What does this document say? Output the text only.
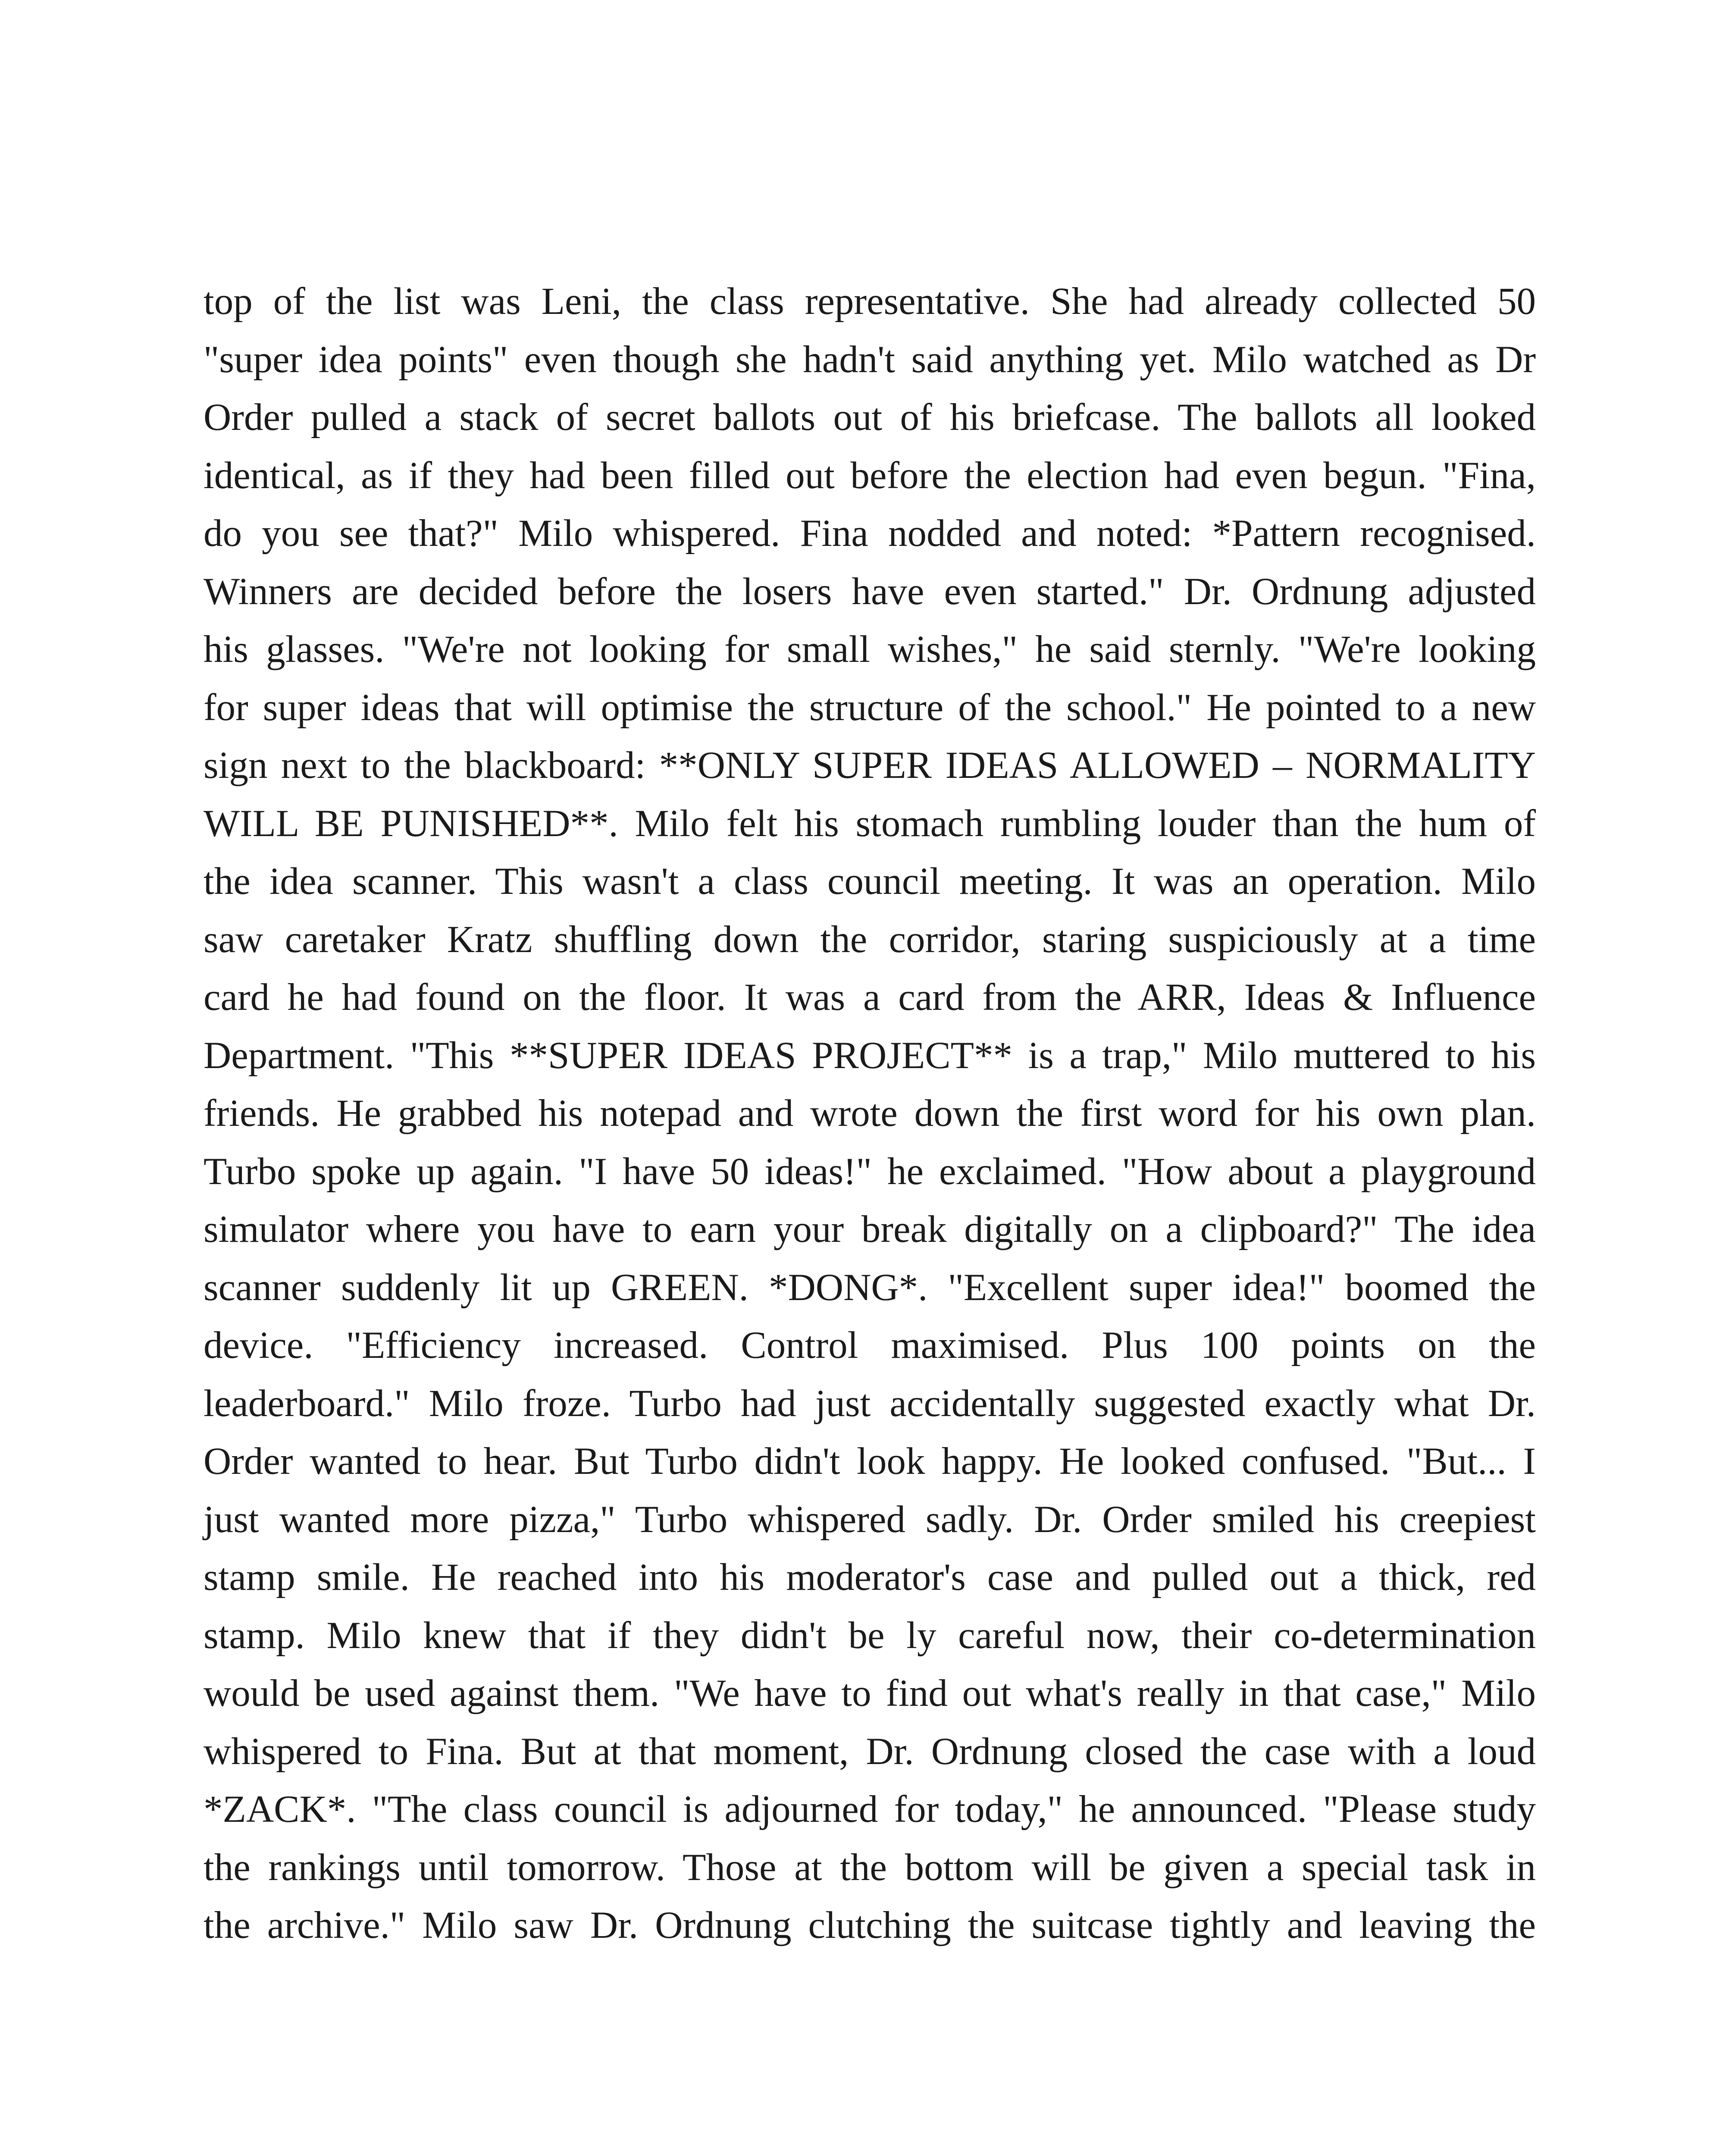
top of the list was Leni, the class representative. She had already collected 50
"super idea points" even though she hadn't said anything yet. Milo watched as Dr
Order pulled a stack of secret ballots out of his briefcase. The ballots all looked
identical, as if they had been filled out before the election had even begun. "Fina,
do you see that?" Milo whispered. Fina nodded and noted: *Pattern recognised.
Winners are decided before the losers have even started." Dr. Ordnung adjusted
his glasses. "We're not looking for small wishes," he said sternly. "We're looking
for super ideas that will optimise the structure of the school." He pointed to a new
sign next to the blackboard: **ONLY SUPER IDEAS ALLOWED – NORMALITY
WILL BE PUNISHED**. Milo felt his stomach rumbling louder than the hum of
the idea scanner. This wasn't a class council meeting. It was an operation. Milo
saw caretaker Kratz shuffling down the corridor, staring suspiciously at a time
card he had found on the floor. It was a card from the ARR, Ideas & Influence
Department. "This **SUPER IDEAS PROJECT** is a trap," Milo muttered to his
friends. He grabbed his notepad and wrote down the first word for his own plan.
Turbo spoke up again. "I have 50 ideas!" he exclaimed. "How about a playground
simulator where you have to earn your break digitally on a clipboard?" The idea
scanner suddenly lit up GREEN. *DONG*. "Excellent super idea!" boomed the
device. "Efficiency increased. Control maximised. Plus 100 points on the
leaderboard." Milo froze. Turbo had just accidentally suggested exactly what Dr.
Order wanted to hear. But Turbo didn't look happy. He looked confused. "But... I
just wanted more pizza," Turbo whispered sadly. Dr. Order smiled his creepiest
stamp smile. He reached into his moderator's case and pulled out a thick, red
stamp. Milo knew that if they didn't be ly careful now, their co-determination
would be used against them. "We have to find out what's really in that case," Milo
whispered to Fina. But at that moment, Dr. Ordnung closed the case with a loud
*ZACK*. "The class council is adjourned for today," he announced. "Please study
the rankings until tomorrow. Those at the bottom will be given a special task in
the archive." Milo saw Dr. Ordnung clutching the suitcase tightly and leaving the
